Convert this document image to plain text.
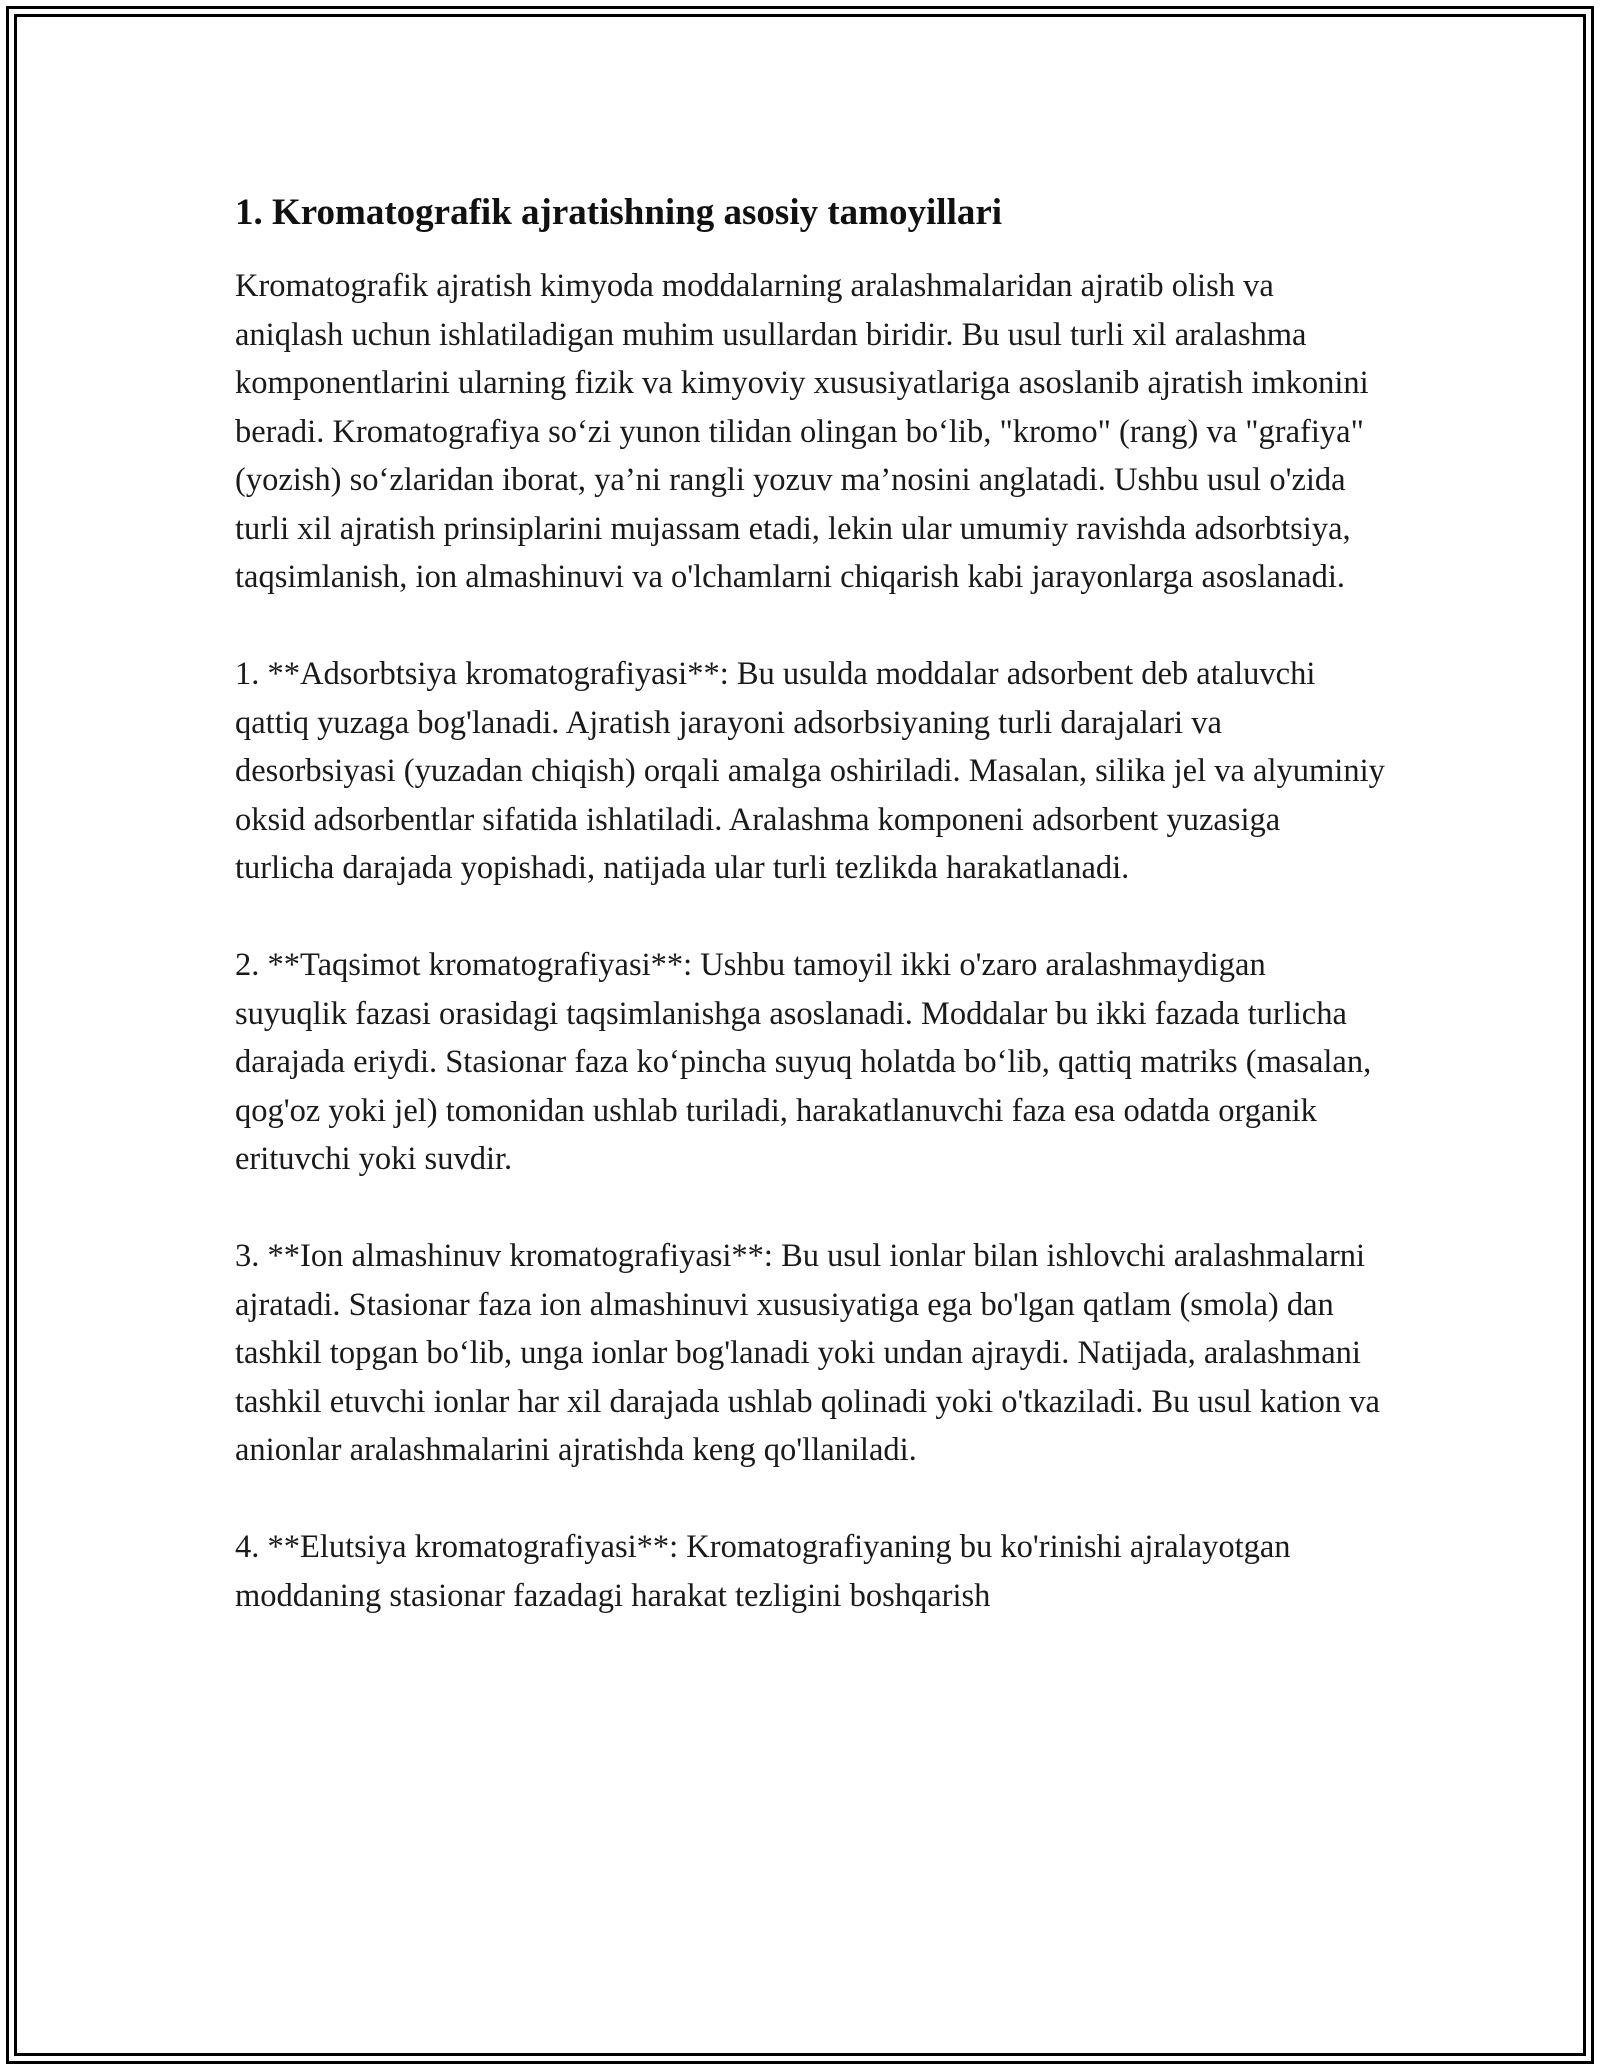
1. Kromatografik ajratishning asosiy tamoyillari

Kromatografik ajratish kimyoda moddalarning aralashmalaridan ajratib olish va aniqlash uchun ishlatiladigan muhim usullardan biridir. Bu usul turli xil aralashma komponentlarini ularning fizik va kimyoviy xususiyatlariga asoslanib ajratish imkonini beradi. Kromatografiya so‘zi yunon tilidan olingan bo‘lib, "kromo" (rang) va "grafiya" (yozish) so‘zlaridan iborat, ya’ni rangli yozuv ma’nosini anglatadi. Ushbu usul o'zida turli xil ajratish prinsiplarini mujassam etadi, lekin ular umumiy ravishda adsorbtsiya, taqsimlanish, ion almashinuvi va o'lchamlarni chiqarish kabi jarayonlarga asoslanadi.

1. **Adsorbtsiya kromatografiyasi**: Bu usulda moddalar adsorbent deb ataluvchi qattiq yuzaga bog'lanadi. Ajratish jarayoni adsorbsiyaning turli darajalari va desorbsiyasi (yuzadan chiqish) orqali amalga oshiriladi. Masalan, silika jel va alyuminiy oksid adsorbentlar sifatida ishlatiladi. Aralashma komponeni adsorbent yuzasiga turlicha darajada yopishadi, natijada ular turli tezlikda harakatlanadi.

2. **Taqsimot kromatografiyasi**: Ushbu tamoyil ikki o'zaro aralashmaydigan suyuqlik fazasi orasidagi taqsimlanishga asoslanadi. Moddalar bu ikki fazada turlicha darajada eriydi. Stasionar faza ko‘pincha suyuq holatda bo‘lib, qattiq matriks (masalan, qog'oz yoki jel) tomonidan ushlab turiladi, harakatlanuvchi faza esa odatda organik erituvchi yoki suvdir.

3. **Ion almashinuv kromatografiyasi**: Bu usul ionlar bilan ishlovchi aralashmalarni ajratadi. Stasionar faza ion almashinuvi xususiyatiga ega bo'lgan qatlam (smola) dan tashkil topgan bo‘lib, unga ionlar bog'lanadi yoki undan ajraydi. Natijada, aralashmani tashkil etuvchi ionlar har xil darajada ushlab qolinadi yoki o'tkaziladi. Bu usul kation va anionlar aralashmalarini ajratishda keng qo'llaniladi.

4. **Elutsiya kromatografiyasi**: Kromatografiyaning bu ko'rinishi ajralayotgan moddaning stasionar fazadagi harakat tezligini boshqarish
